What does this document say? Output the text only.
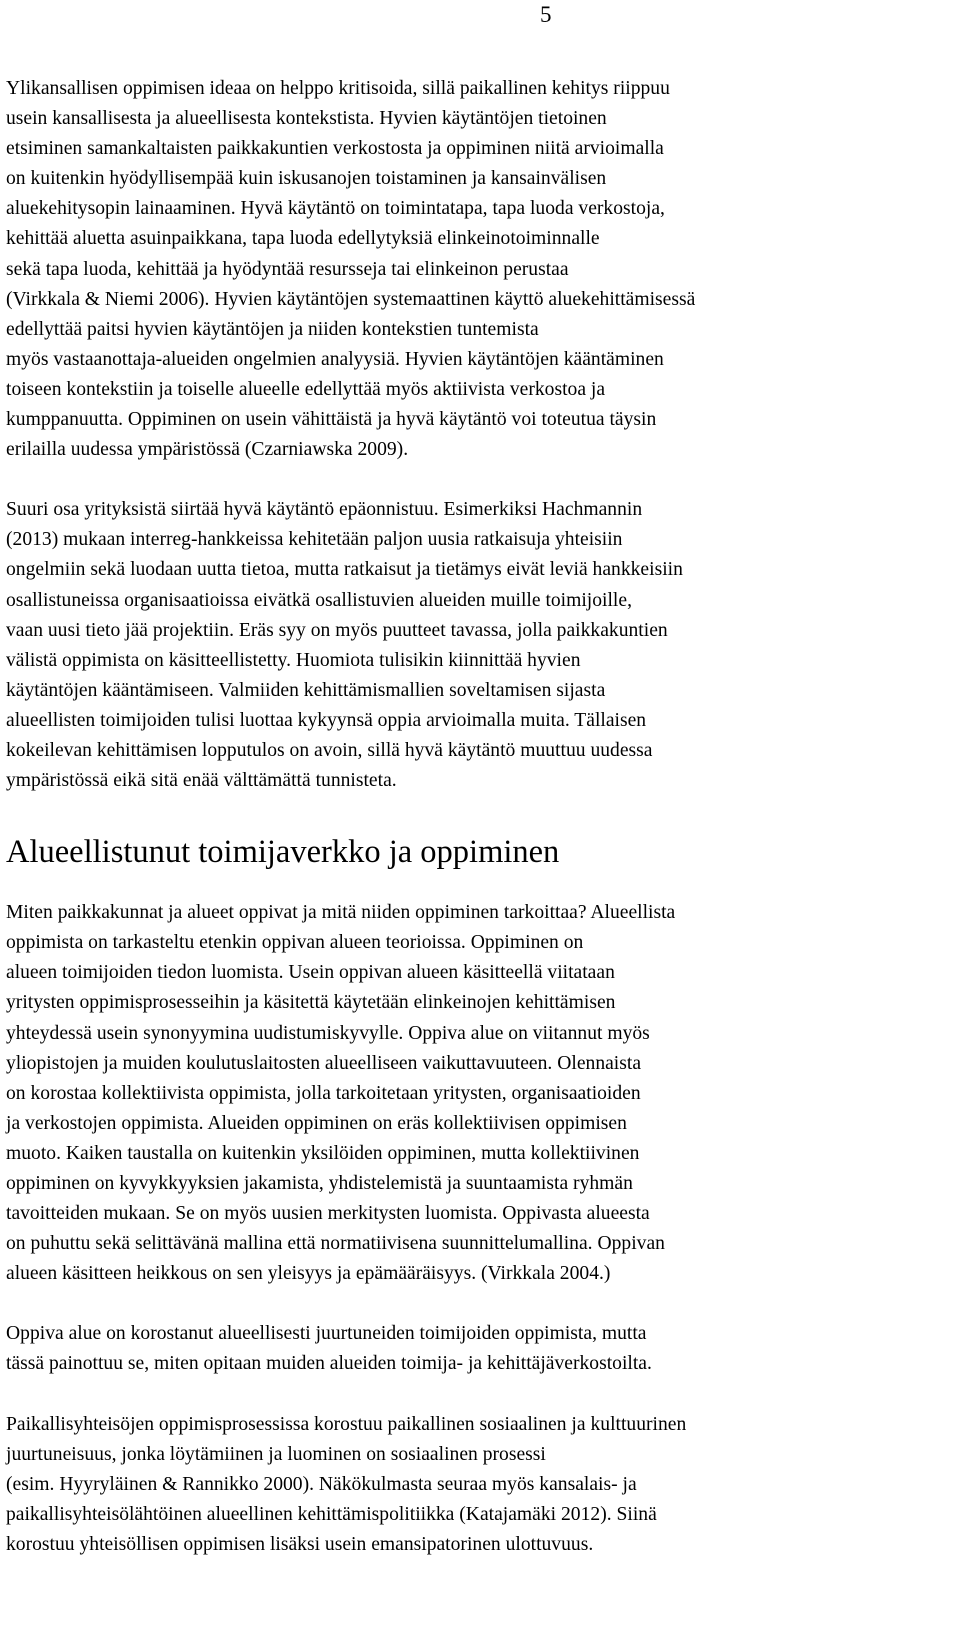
5

Ylikansallisen oppimisen ideaa on helppo kritisoida, sillä paikallinen kehitys riippuu
usein kansallisesta ja alueellisesta kontekstista. Hyvien käytäntöjen tietoinen
etsiminen samankaltaisten paikkakuntien verkostosta ja oppiminen niitä arvioimalla
on kuitenkin hyödyllisempää kuin iskusanojen toistaminen ja kansainvälisen
aluekehitysopin lainaaminen. Hyvä käytäntö on toimintatapa, tapa luoda verkostoja,
kehittää aluetta asuinpaikkana, tapa luoda edellytyksiä elinkeinotoiminnalle
sekä tapa luoda, kehittää ja hyödyntää resursseja tai elinkeinon perustaa
(Virkkala & Niemi 2006). Hyvien käytäntöjen systemaattinen käyttö aluekehittämisessä
edellyttää paitsi hyvien käytäntöjen ja niiden kontekstien tuntemista
myös vastaanottaja-alueiden ongelmien analyysiä. Hyvien käytäntöjen kääntäminen
toiseen kontekstiin ja toiselle alueelle edellyttää myös aktiivista verkostoa ja
kumppanuutta. Oppiminen on usein vähittäistä ja hyvä käytäntö voi toteutua täysin
erilailla uudessa ympäristössä (Czarniawska 2009).

Suuri osa yrityksistä siirtää hyvä käytäntö epäonnistuu. Esimerkiksi Hachmannin
(2013) mukaan interreg-hankkeissa kehitetään paljon uusia ratkaisuja yhteisiin
ongelmiin sekä luodaan uutta tietoa, mutta ratkaisut ja tietämys eivät leviä hankkeisiin
osallistuneissa organisaatioissa eivätkä osallistuvien alueiden muille toimijoille,
vaan uusi tieto jää projektiin. Eräs syy on myös puutteet tavassa, jolla paikkakuntien
välistä oppimista on käsitteellistetty. Huomiota tulisikin kiinnittää hyvien
käytäntöjen kääntämiseen. Valmiiden kehittämismallien soveltamisen sijasta
alueellisten toimijoiden tulisi luottaa kykyynsä oppia arvioimalla muita. Tällaisen
kokeilevan kehittämisen lopputulos on avoin, sillä hyvä käytäntö muuttuu uudessa
ympäristössä eikä sitä enää välttämättä tunnisteta.

Alueellistunut toimijaverkko ja oppiminen

Miten paikkakunnat ja alueet oppivat ja mitä niiden oppiminen tarkoittaa? Alueellista
oppimista on tarkasteltu etenkin oppivan alueen teorioissa. Oppiminen on
alueen toimijoiden tiedon luomista. Usein oppivan alueen käsitteellä viitataan
yritysten oppimisprosesseihin ja käsitettä käytetään elinkeinojen kehittämisen
yhteydessä usein synonyymina uudistumiskyvylle. Oppiva alue on viitannut myös
yliopistojen ja muiden koulutuslaitosten alueelliseen vaikuttavuuteen. Olennaista
on korostaa kollektiivista oppimista, jolla tarkoitetaan yritysten, organisaatioiden
ja verkostojen oppimista. Alueiden oppiminen on eräs kollektiivisen oppimisen
muoto. Kaiken taustalla on kuitenkin yksilöiden oppiminen, mutta kollektiivinen
oppiminen on kyvykkyyksien jakamista, yhdistelemistä ja suuntaamista ryhmän
tavoitteiden mukaan. Se on myös uusien merkitysten luomista. Oppivasta alueesta
on puhuttu sekä selittävänä mallina että normatiivisena suunnittelumallina. Oppivan
alueen käsitteen heikkous on sen yleisyys ja epämääräisyys. (Virkkala 2004.)

Oppiva alue on korostanut alueellisesti juurtuneiden toimijoiden oppimista, mutta
tässä painottuu se, miten opitaan muiden alueiden toimija- ja kehittäjäverkostoilta.

Paikallisyhteisöjen oppimisprosessissa korostuu paikallinen sosiaalinen ja kulttuurinen
juurtuneisuus, jonka löytämiinen ja luominen on sosiaalinen prosessi
(esim. Hyyryläinen & Rannikko 2000). Näkökulmasta seuraa myös kansalais- ja
paikallisyhteisölähtöinen alueellinen kehittämispolitiikka (Katajamäki 2012). Siinä
korostuu yhteisöllisen oppimisen lisäksi usein emansipatorinen ulottuvuus.
